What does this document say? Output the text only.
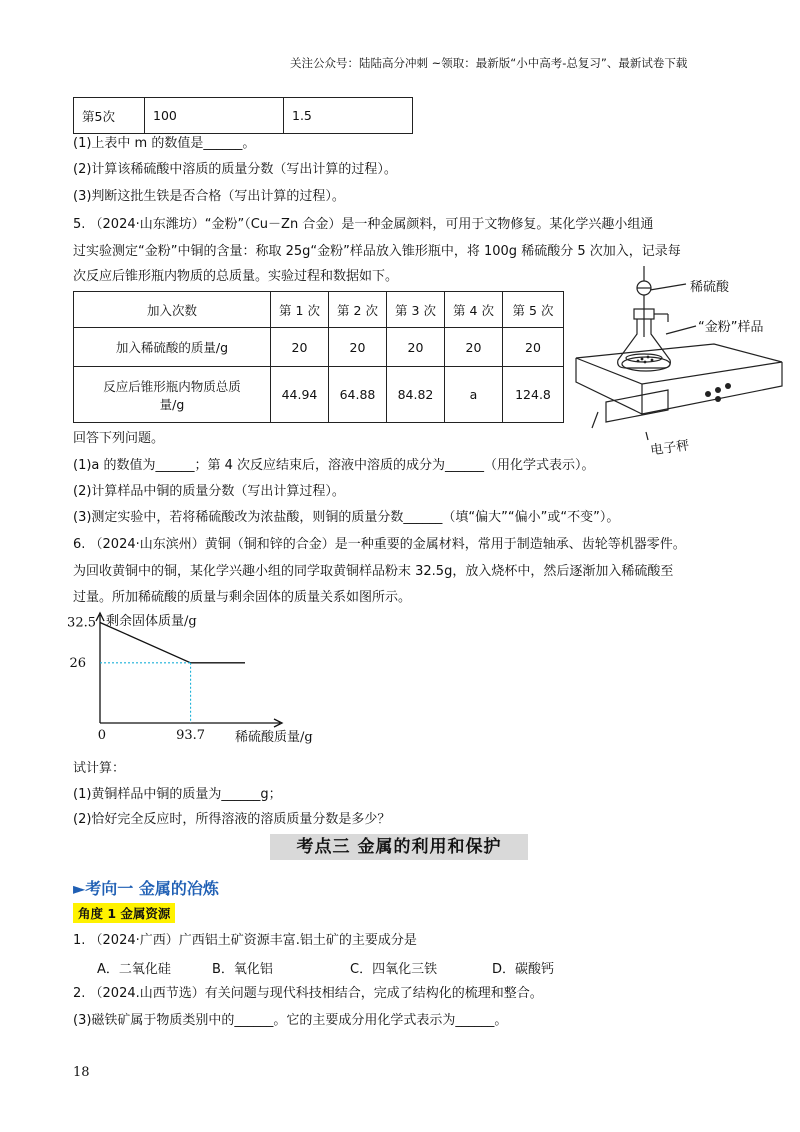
关注公众号：陆陆高分冲刺 ~领取：最新版“小中高考-总复习”、最新试卷下载
第5次	100	1.5
(1)上表中 m 的数值是______。
(2)计算该稀硫酸中溶质的质量分数（写出计算的过程）。
(3)判断这批生铁是否合格（写出计算的过程）。
5. （2024·山东潍坊）“金粉”（Cu－Zn 合金）是一种金属颜料，可用于文物修复。某化学兴趣小组通
过实验测定“金粉”中铜的含量：称取 25g“金粉”样品放入锥形瓶中，将 100g 稀硫酸分 5 次加入，记录每
次反应后锥形瓶内物质的总质量。实验过程和数据如下。
加入次数	第 1 次	第 2 次	第 3 次	第 4 次	第 5 次
加入稀硫酸的质量/g	20	20	20	20	20

反应后锥形瓶内物质总质
量/g	44.94	64.88	84.82	a	124.8
稀硫酸
“金粉”样品
电子秤
回答下列问题。
(1)a 的数值为______；第 4 次反应结束后，溶液中溶质的成分为______（用化学式表示）。
(2)计算样品中铜的质量分数（写出计算过程）。
(3)测定实验中，若将稀硫酸改为浓盐酸，则铜的质量分数______（填“偏大”“偏小”或“不变”）。
6. （2024·山东滨州）黄铜（铜和锌的合金）是一种重要的金属材料，常用于制造轴承、齿轮等机器零件。
为回收黄铜中的铜，某化学兴趣小组的同学取黄铜样品粉末 32.5g，放入烧杯中，然后逐渐加入稀硫酸至
过量。所加稀硫酸的质量与剩余固体的质量关系如图所示。
剩余固体质量/g
稀硫酸质量/g
32.5
26
0	93.7
试计算：
(1)黄铜样品中铜的质量为______g；
(2)恰好完全反应时，所得溶液的溶质质量分数是多少？
考点三 金属的利用和保护
►考向一 金属的冶炼
角度 1 金属资源
1. （2024·广西）广西铝土矿资源丰富.铝土矿的主要成分是
A．二氧化硅	B．氧化铝	C．四氧化三铁	D．碳酸钙
2. （2024.山西节选）有关问题与现代科技相结合，完成了结构化的梳理和整合。
(3)磁铁矿属于物质类别中的______。它的主要成分用化学式表示为______。
18
